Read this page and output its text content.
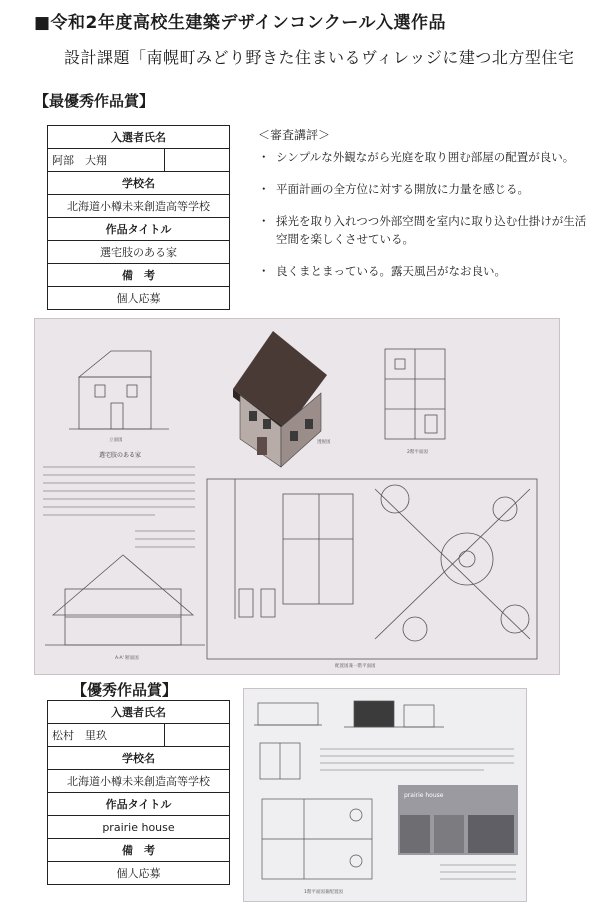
■令和2年度高校生建築デザインコンクール入選作品
設計課題「南幌町みどり野きた住まいるヴィレッジに建つ北方型住宅
【最優秀作品賞】
入選者氏名
阿部　大翔	
学校名
北海道小樽未来創造高等学校
作品タイトル
選宅肢のある家
備　考
個人応募
＜審査講評＞
・ シンプルな外観ながら光庭を取り囲む部屋の配置が良い。
・ 平面計画の全方位に対する開放に力量を感じる。
・ 採光を取り入れつつ外部空間を室内に取り込む仕掛けが生活空間を楽しくさせている。
・ 良くまとまっている。露天風呂がなお良い。
立面図	透視図
2階平面図
選宅肢のある家
A-A' 断面図
配置図兼一階平面図
【優秀作品賞】
入選者氏名
松村　里玖	
学校名
北海道小樽未来創造高等学校
作品タイトル
prairie house
備　考
個人応募
prairie house
1階平面図兼配置図
